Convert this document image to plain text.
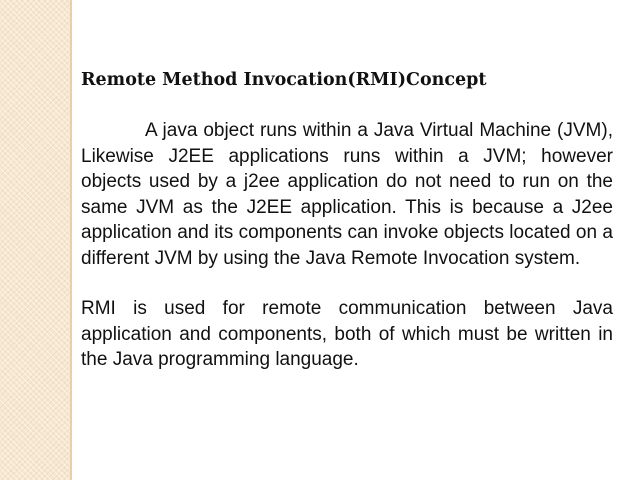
Remote Method Invocation(RMI)Concept

A java object runs within a Java Virtual Machine (JVM), Likewise J2EE applications runs within a JVM; however objects used by a j2ee application do not need to run on the same JVM as the J2EE application. This is because a J2ee application and its components can invoke objects located on a different JVM by using the Java Remote Invocation system.

RMI is used for remote communication between Java application and components, both of which must be written in the Java programming language.
